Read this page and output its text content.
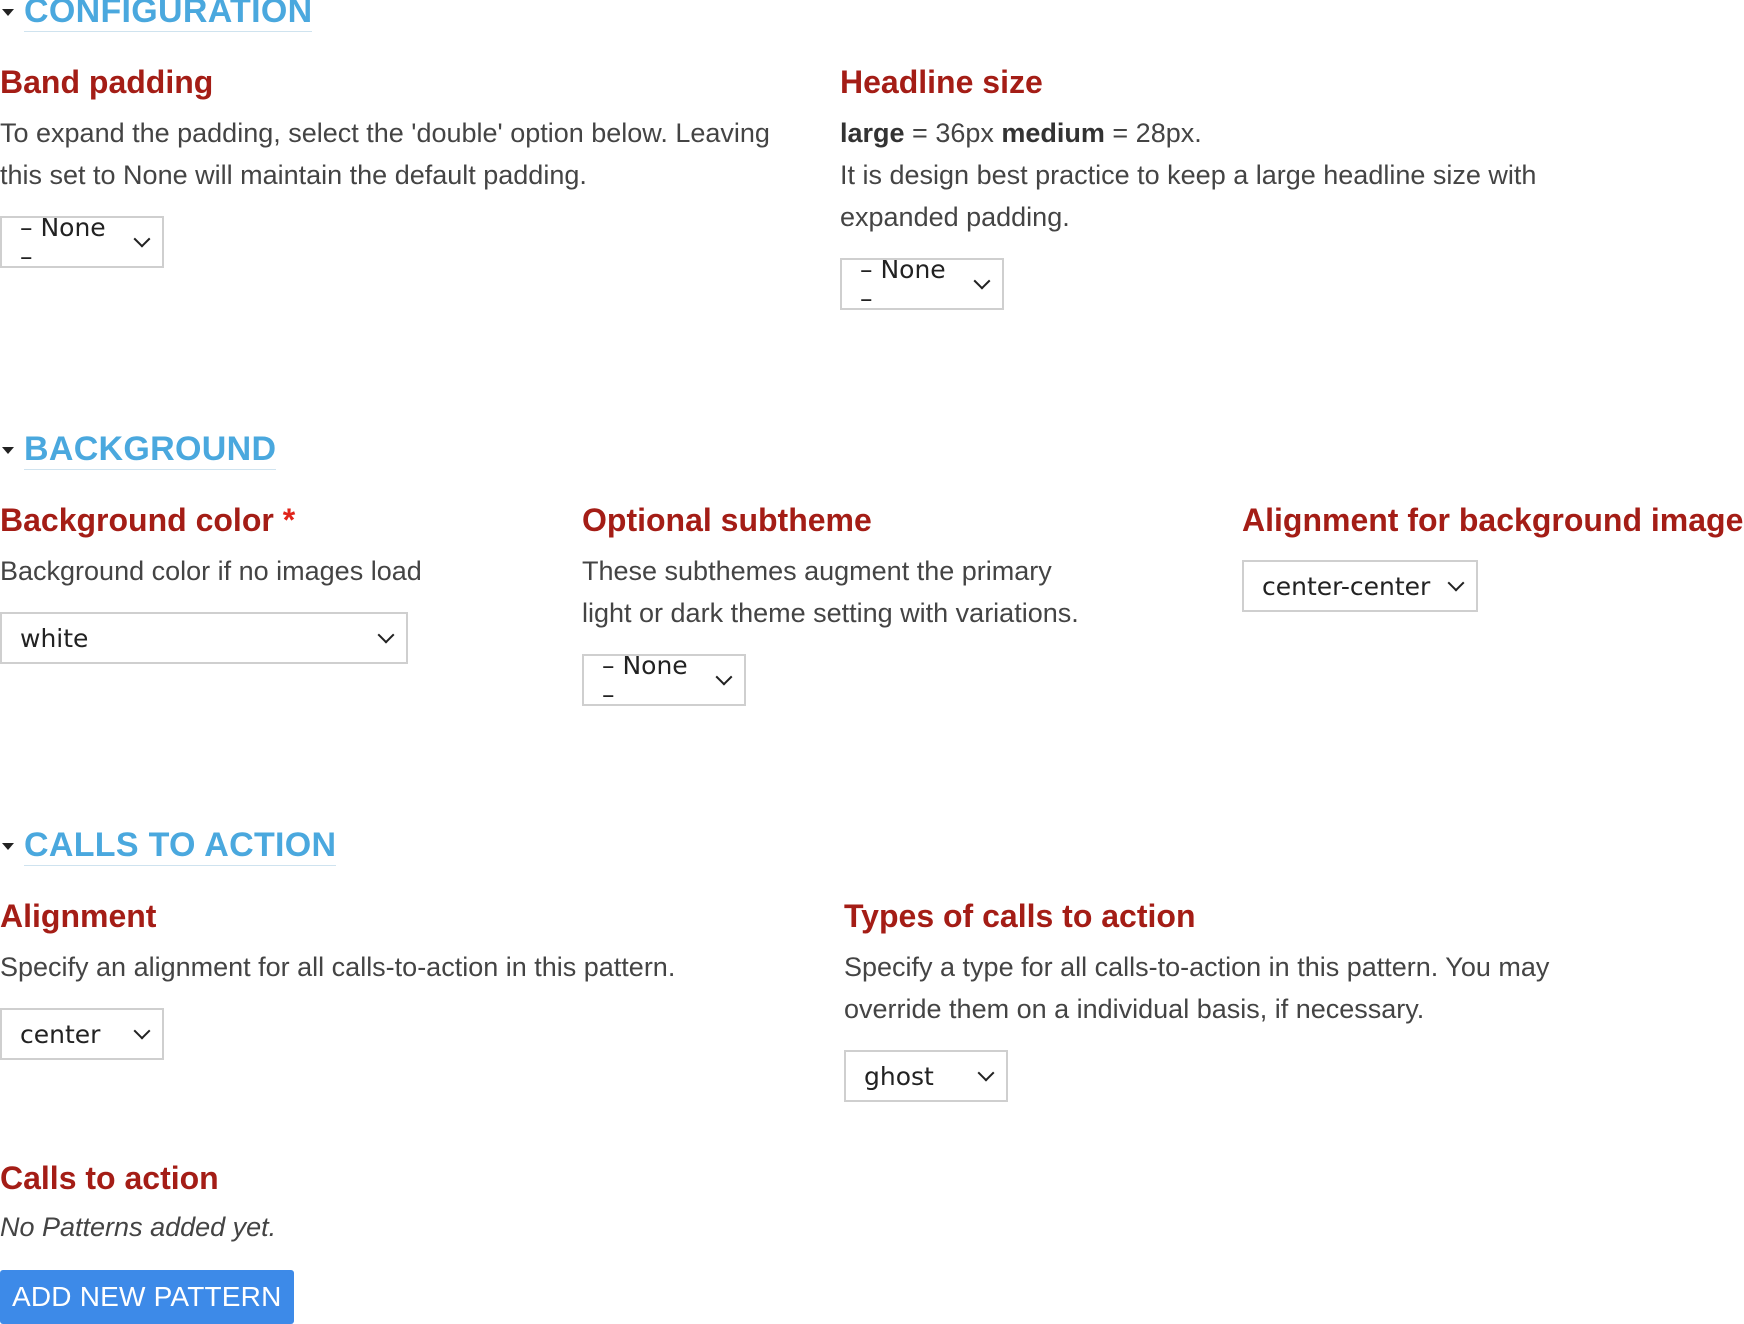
CONFIGURATION
Band padding
To expand the padding, select the 'double' option below. Leaving
this set to None will maintain the default padding.
– None –
Headline size
large = 36px medium = 28px.
It is design best practice to keep a large headline size with
expanded padding.
– None –
BACKGROUND
Background color *
Background color if no images load
white
Optional subtheme
These subthemes augment the primary
light or dark theme setting with variations.
– None –
Alignment for background image
center-center
CALLS TO ACTION
Alignment
Specify an alignment for all calls-to-action in this pattern.
center
Types of calls to action
Specify a type for all calls-to-action in this pattern. You may
override them on a individual basis, if necessary.
ghost
Calls to action
No Patterns added yet.
ADD NEW PATTERN
